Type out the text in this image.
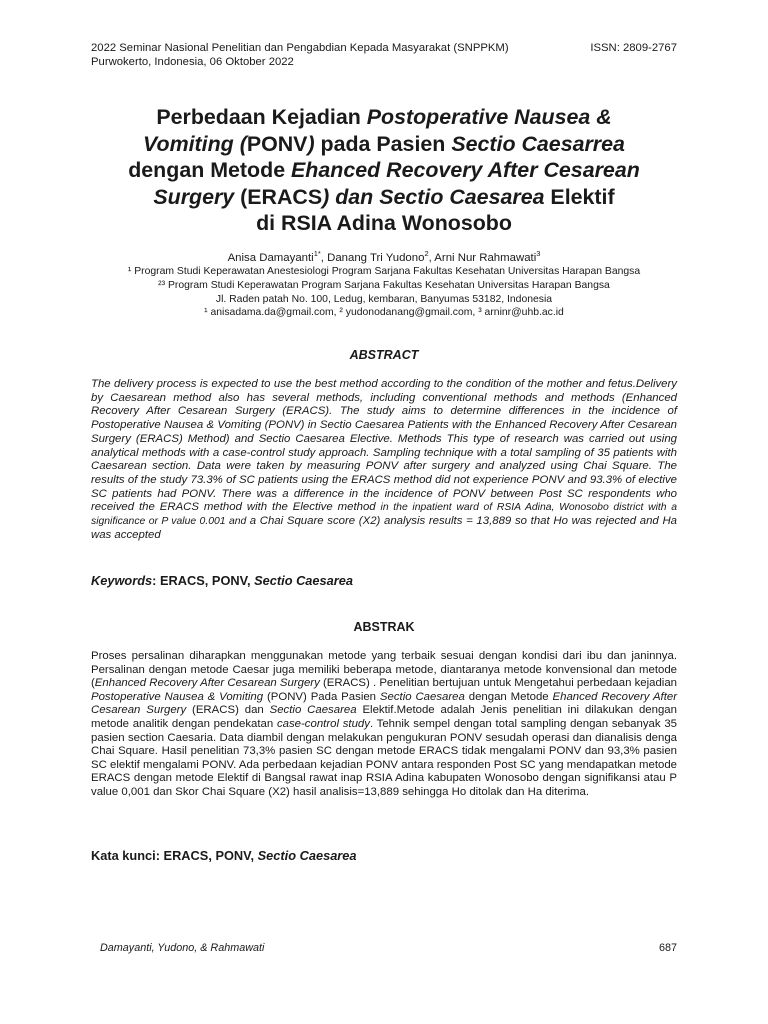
2022 Seminar Nasional Penelitian dan Pengabdian Kepada Masyarakat (SNPPKM)	ISSN: 2809-2767
Purwokerto, Indonesia, 06 Oktober 2022
Perbedaan Kejadian Postoperative Nausea &
Vomiting (PONV) pada Pasien Sectio Caesarrea
dengan Metode Ehanced Recovery After Cesarean
Surgery (ERACS) dan Sectio Caesarea Elektif
di RSIA Adina Wonosobo
Anisa Damayanti$^{1*}$, Danang Tri Yudono$^2$, Arni Nur Rahmawati$^3$
¹ Program Studi Keperawatan Anestesiologi Program Sarjana Fakultas Kesehatan Universitas Harapan Bangsa
²³ Program Studi Keperawatan Program Sarjana Fakultas Kesehatan Universitas Harapan Bangsa
Jl. Raden patah No. 100, Ledug, kembaran, Banyumas 53182, Indonesia
¹ anisadama.da@gmail.com, ² yudonodanang@gmail.com, ³ arninr@uhb.ac.id
ABSTRACT

The delivery process is expected to use the best method according to the condition of the mother and fetus.Delivery by Caesarean method also has several methods, including conventional methods and methods (Enhanced Recovery After Cesarean Surgery (ERACS). The study aims to determine differences in the incidence of Postoperative Nausea & Vomiting (PONV) in Sectio Caesarea Patients with the Enhanced Recovery After Cesarean Surgery (ERACS) Method) and Sectio Caesarea Elective. Methods This type of research was carried out using analytical methods with a case-control study approach. Sampling technique with a total sampling of 35 patients with Caesarean section. Data were taken by measuring PONV after surgery and analyzed using Chai Square. The results of the study 73.3% of SC patients using the ERACS method did not experience PONV and 93.3% of elective SC patients had PONV. There was a difference in the incidence of PONV between Post SC respondents who received the ERACS method with the Elective method in the inpatient ward of RSIA Adina, Wonosobo district with a significance or P value 0.001 and a Chai Square score (X2) analysis results = 13,889 so that Ho was rejected and Ha was accepted

Keywords: ERACS, PONV, Sectio Caesarea
ABSTRAK

Proses persalinan diharapkan menggunakan metode yang terbaik sesuai dengan kondisi dari ibu dan janinnya. Persalinan dengan metode Caesar juga memiliki beberapa metode, diantaranya metode konvensional dan metode (Enhanced Recovery After Cesarean Surgery (ERACS) . Penelitian bertujuan untuk Mengetahui perbedaan kejadian Postoperative Nausea & Vomiting (PONV) Pada Pasien Sectio Caesarea dengan Metode Ehanced Recovery After Cesarean Surgery (ERACS) dan Sectio Caesarea Elektif.Metode adalah Jenis penelitian ini dilakukan dengan metode analitik dengan pendekatan case-control study. Tehnik sempel dengan total sampling dengan sebanyak 35 pasien section Caesaria. Data diambil dengan melakukan pengukuran PONV sesudah operasi dan dianalisis denga Chai Square. Hasil penelitian 73,3% pasien SC dengan metode ERACS tidak mengalami PONV dan 93,3% pasien SC elektif mengalami PONV. Ada perbedaan kejadian PONV antara responden Post SC yang mendapatkan metode ERACS dengan metode Elektif di Bangsal rawat inap RSIA Adina kabupaten Wonosobo dengan signifikansi atau P value 0,001 dan Skor Chai Square (X2) hasil analisis=13,889 sehingga Ho ditolak dan Ha diterima.

Kata kunci: ERACS, PONV, Sectio Caesarea
Damayanti, Yudono, & Rahmawati	687
